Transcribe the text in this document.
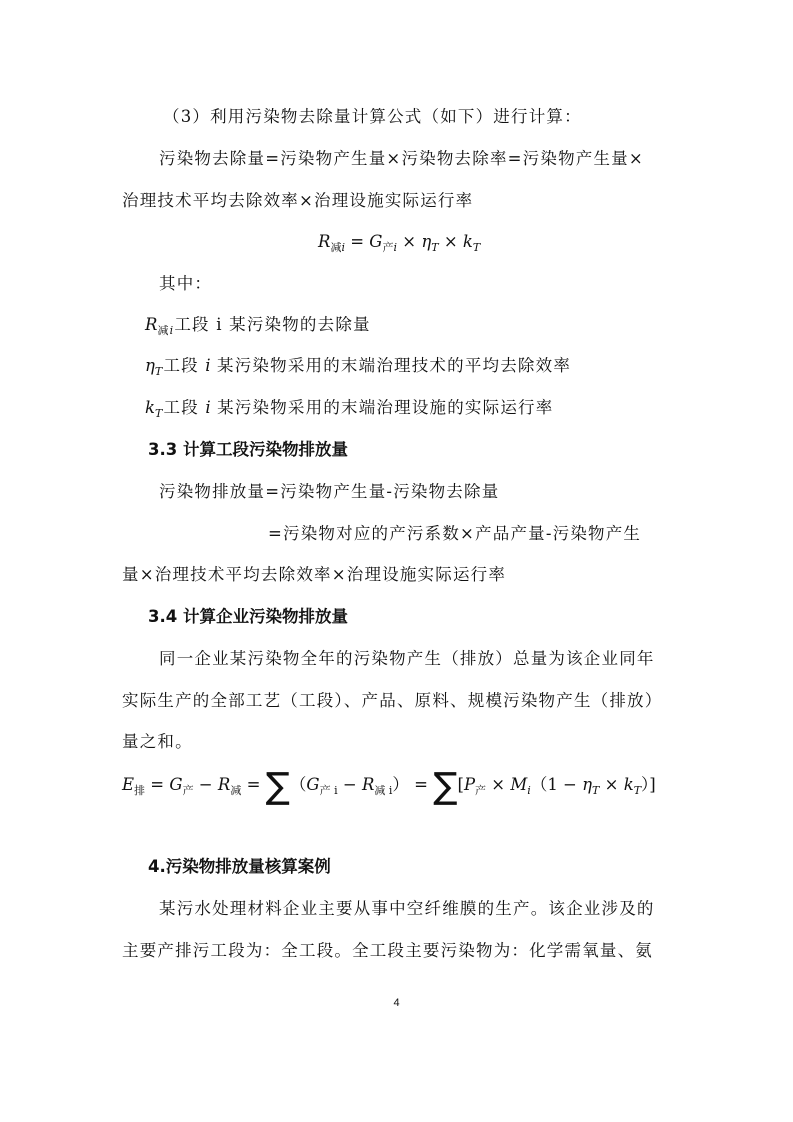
（3）利用污染物去除量计算公式（如下）进行计算：
污染物去除量=污染物产生量×污染物去除率=污染物产生量×
治理技术平均去除效率×治理设施实际运行率
$R_{减i} = G_{产i} \times \eta_T \times k_T$
其中：
$R_{减i}$工段 i 某污染物的去除量
$\eta_T$工段 i 某污染物采用的末端治理技术的平均去除效率
$k_T$工段 i 某污染物采用的末端治理设施的实际运行率
3.3 计算工段污染物排放量
污染物排放量=污染物产生量-污染物去除量
=污染物对应的产污系数×产品产量-污染物产生
量×治理技术平均去除效率×治理设施实际运行率
3.4 计算企业污染物排放量
同一企业某污染物全年的污染物产生（排放）总量为该企业同年
实际生产的全部工艺（工段）、产品、原料、规模污染物产生（排放）
量之和。
$E_排 = G_产 - R_减 = \sum(G_{产 i} - R_{减 i}) = \sum[P_产 \times M_i(1 - \eta_T \times k_T)]$
4.污染物排放量核算案例
某污水处理材料企业主要从事中空纤维膜的生产。该企业涉及的
主要产排污工段为：全工段。全工段主要污染物为：化学需氧量、氨
4
